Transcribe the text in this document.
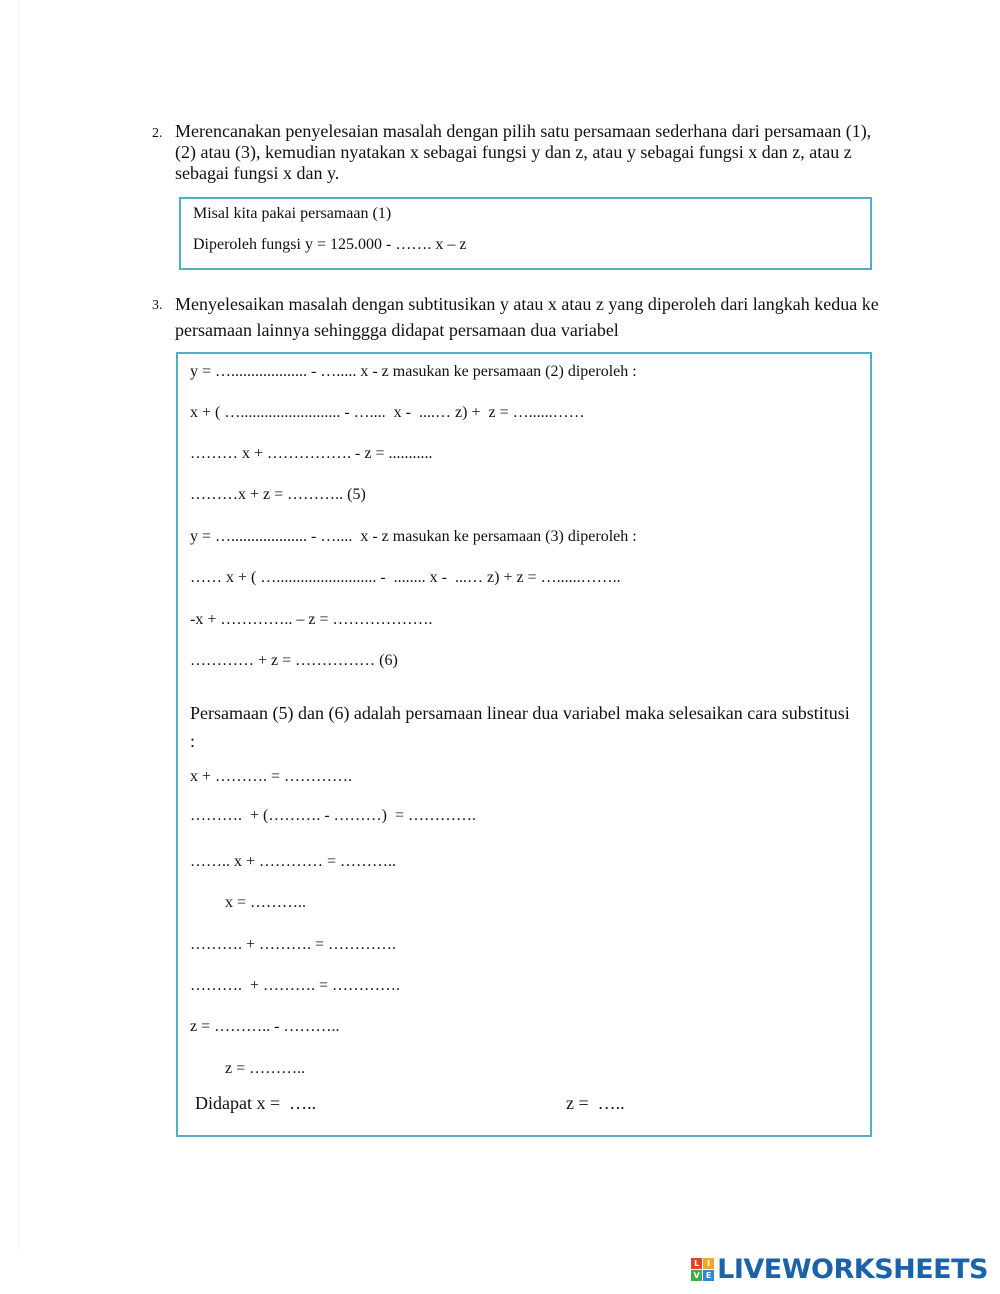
2. Merencanakan penyelesaian masalah dengan pilih satu persamaan sederhana dari persamaan (1), (2) atau (3), kemudian nyatakan x sebagai fungsi y dan z, atau y sebagai fungsi x dan z, atau z sebagai fungsi x dan y.
Misal kita pakai persamaan (1)
Diperoleh fungsi y = 125.000 - ……. x – z
3. Menyelesaikan masalah dengan subtitusikan y atau x atau z yang diperoleh dari langkah kedua ke persamaan lainnya sehinggga didapat persamaan dua variabel
y = …................... - …..... x - z masukan ke persamaan (2) diperoleh :
x + ( …......................... - …....  x -  ....… z) +  z = …......……
……… x + ……………. - z = ...........
………x + z = ……….. (5)
y = …................... - …....  x - z masukan ke persamaan (3) diperoleh :
…… x + ( …......................... -  ........ x -  ...… z) + z = …......……..
-x + ………….. – z = ……………….
………… + z = …………… (6)
Persamaan (5) dan (6) adalah persamaan linear dua variabel maka selesaikan cara substitusi :
x + ………. = ………….
……….  + (………. - ………)  = ………….
…….. x + ………… = ………..
x = ………..
………. + ………. = ………….
……….  + ………. = ………….
z = ……….. - ………..
z = ………..
Didapat x =  …..	z =  …..
L I
V E LIVEWORKSHEETS
